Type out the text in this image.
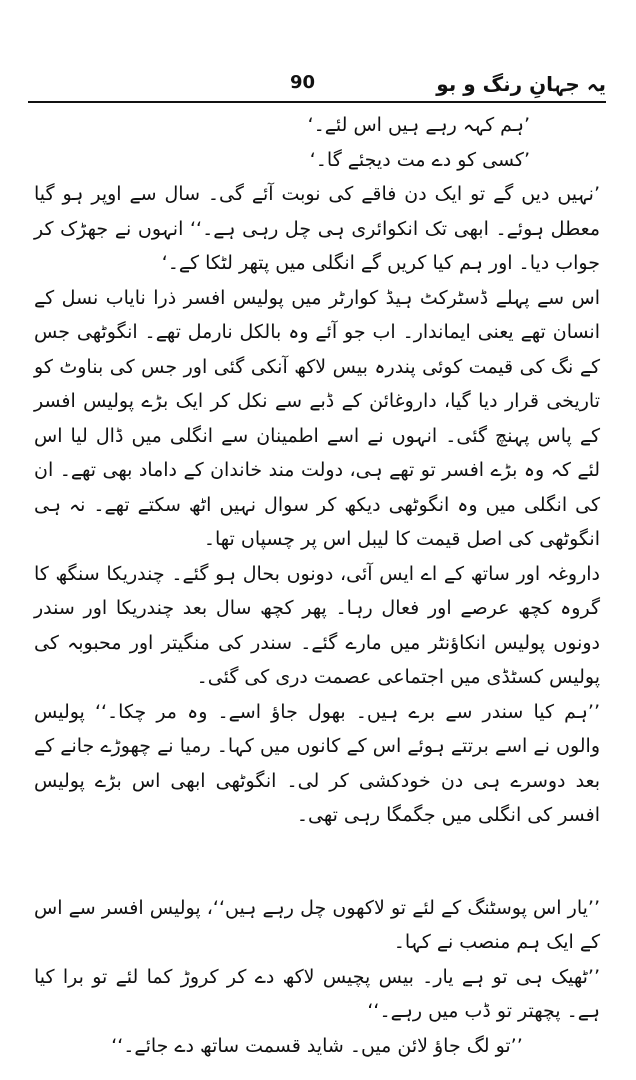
90	یہ جہانِ رنگ و بو

’ہم کہہ رہے ہیں اس لئے۔‘

’کسی کو دے مت دیجئے گا۔‘

’نہیں دیں گے تو ایک دن فاقے کی نوبت آئے گی۔ سال سے اوپر ہو گیا معطل ہوئے۔ ابھی تک انکوائری ہی چل رہی ہے۔‘‘ انہوں نے جھڑک کر جواب دیا۔ اور ہم کیا کریں گے انگلی میں پتھر لٹکا کے۔‘

اس سے پہلے ڈسٹرکٹ ہیڈ کوارٹر میں پولیس افسر ذرا نایاب نسل کے انسان تھے یعنی ایماندار۔ اب جو آئے وہ بالکل نارمل تھے۔ انگوٹھی جس کے نگ کی قیمت کوئی پندرہ بیس لاکھ آنکی گئی اور جس کی بناوٹ کو تاریخی قرار دیا گیا، داروغائن کے ڈبے سے نکل کر ایک بڑے پولیس افسر کے پاس پہنچ گئی۔ انہوں نے اسے اطمینان سے انگلی میں ڈال لیا اس لئے کہ وہ بڑے افسر تو تھے ہی، دولت مند خاندان کے داماد بھی تھے۔ ان کی انگلی میں وہ انگوٹھی دیکھ کر سوال نہیں اٹھ سکتے تھے۔ نہ ہی انگوٹھی کی اصل قیمت کا لیبل اس پر چسپاں تھا۔

داروغہ اور ساتھ کے اے ایس آئی، دونوں بحال ہو گئے۔ چندریکا سنگھ کا گروہ کچھ عرصے اور فعال رہا۔ پھر کچھ سال بعد چندریکا اور سندر دونوں پولیس انکاؤنٹر میں مارے گئے۔ سندر کی منگیتر اور محبوبہ کی پولیس کسٹڈی میں اجتماعی عصمت دری کی گئی۔

’’ہم کیا سندر سے برے ہیں۔ بھول جاؤ اسے۔ وہ مر چکا۔‘‘ پولیس والوں نے اسے برتتے ہوئے اس کے کانوں میں کہا۔ رمیا نے چھوڑے جانے کے بعد دوسرے ہی دن خودکشی کر لی۔ انگوٹھی ابھی اس بڑے پولیس افسر کی انگلی میں جگمگا رہی تھی۔

’’یار اس پوسٹنگ کے لئے تو لاکھوں چل رہے ہیں‘‘، پولیس افسر سے اس کے ایک ہم منصب نے کہا۔

’’ٹھیک ہی تو ہے یار۔ بیس پچیس لاکھ دے کر کروڑ کما لئے تو برا کیا ہے۔ پچھتر تو ڈب میں رہے۔‘‘

’’تو لگ جاؤ لائن میں۔ شاید قسمت ساتھ دے جائے۔‘‘
